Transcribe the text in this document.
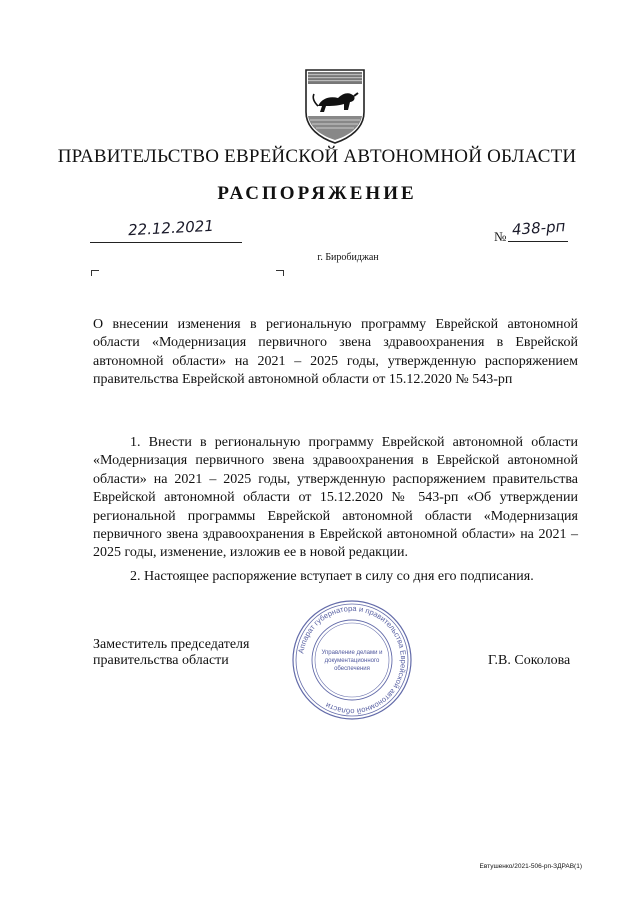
ПРАВИТЕЛЬСТВО ЕВРЕЙСКОЙ АВТОНОМНОЙ ОБЛАСТИ
РАСПОРЯЖЕНИЕ
22.12.2021	№ 438-рп
г. Биробиджан
О внесении изменения в региональную программу Еврейской автономной области «Модернизация первичного звена здравоохранения в Еврейской автономной области» на 2021 – 2025 годы, утвержденную распоряжением правительства Еврейской автономной области от 15.12.2020 № 543-рп
1. Внести в региональную программу Еврейской автономной области «Модернизация первичного звена здравоохранения в Еврейской автономной области» на 2021 – 2025 годы, утвержденную распоряжением правительства Еврейской автономной области от 15.12.2020 № 543-рп «Об утверждении региональной программы Еврейской автономной области «Модернизация первичного звена здравоохранения в Еврейской автономной области» на 2021 – 2025 годы, изменение, изложив ее в новой редакции.
2. Настоящее распоряжение вступает в силу со дня его подписания.
Заместитель председателя
правительства области	Г.В. Соколова
Аппарат губернатора и правительства Еврейской автономной области
Управление делами и
документационного
обеспечения
Евтушенко/2021-506-рп-ЗДРАВ(1)
